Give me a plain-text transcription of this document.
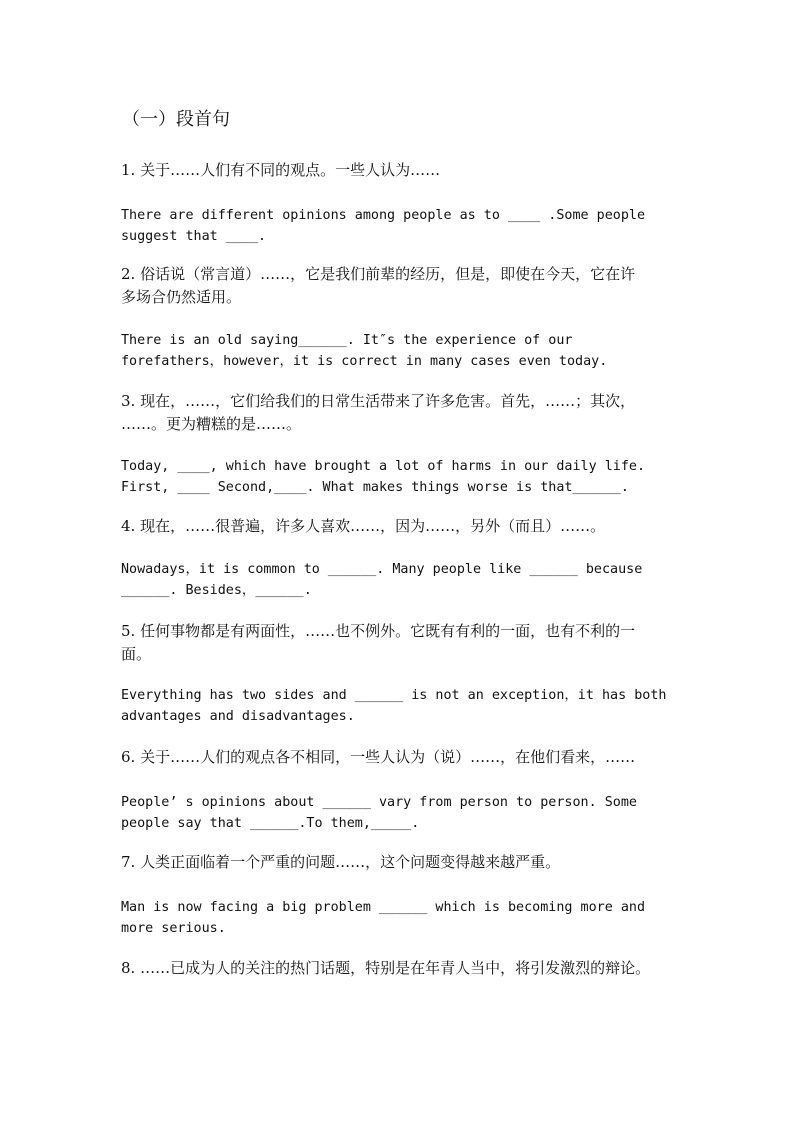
（一）段首句
1. 关于……人们有不同的观点。一些人认为……
There are different opinions among people as to ____ .Some people
suggest that ____.
2. 俗话说（常言道）……，它是我们前辈的经历，但是，即使在今天，它在许
多场合仍然适用。
There is an old saying______. It″s the experience of our
forefathers，however，it is correct in many cases even today.
3. 现在，……，它们给我们的日常生活带来了许多危害。首先，……；其次，
……。更为糟糕的是……。
Today, ____, which have brought a lot of harms in our daily life.
First, ____ Second,____. What makes things worse is that______.
4. 现在，……很普遍，许多人喜欢……，因为……，另外（而且）……。
Nowadays，it is common to ______. Many people like ______ because
______. Besides，______.
5. 任何事物都是有两面性，……也不例外。它既有有利的一面，也有不利的一
面。
Everything has two sides and ______ is not an exception，it has both
advantages and disadvantages.
6. 关于……人们的观点各不相同，一些人认为（说）……，在他们看来，……
People’ s opinions about ______ vary from person to person. Some
people say that ______.To them,_____.
7. 人类正面临着一个严重的问题……，这个问题变得越来越严重。
Man is now facing a big problem ______ which is becoming more and
more serious.
8. ……已成为人的关注的热门话题，特别是在年青人当中，将引发激烈的辩论。
